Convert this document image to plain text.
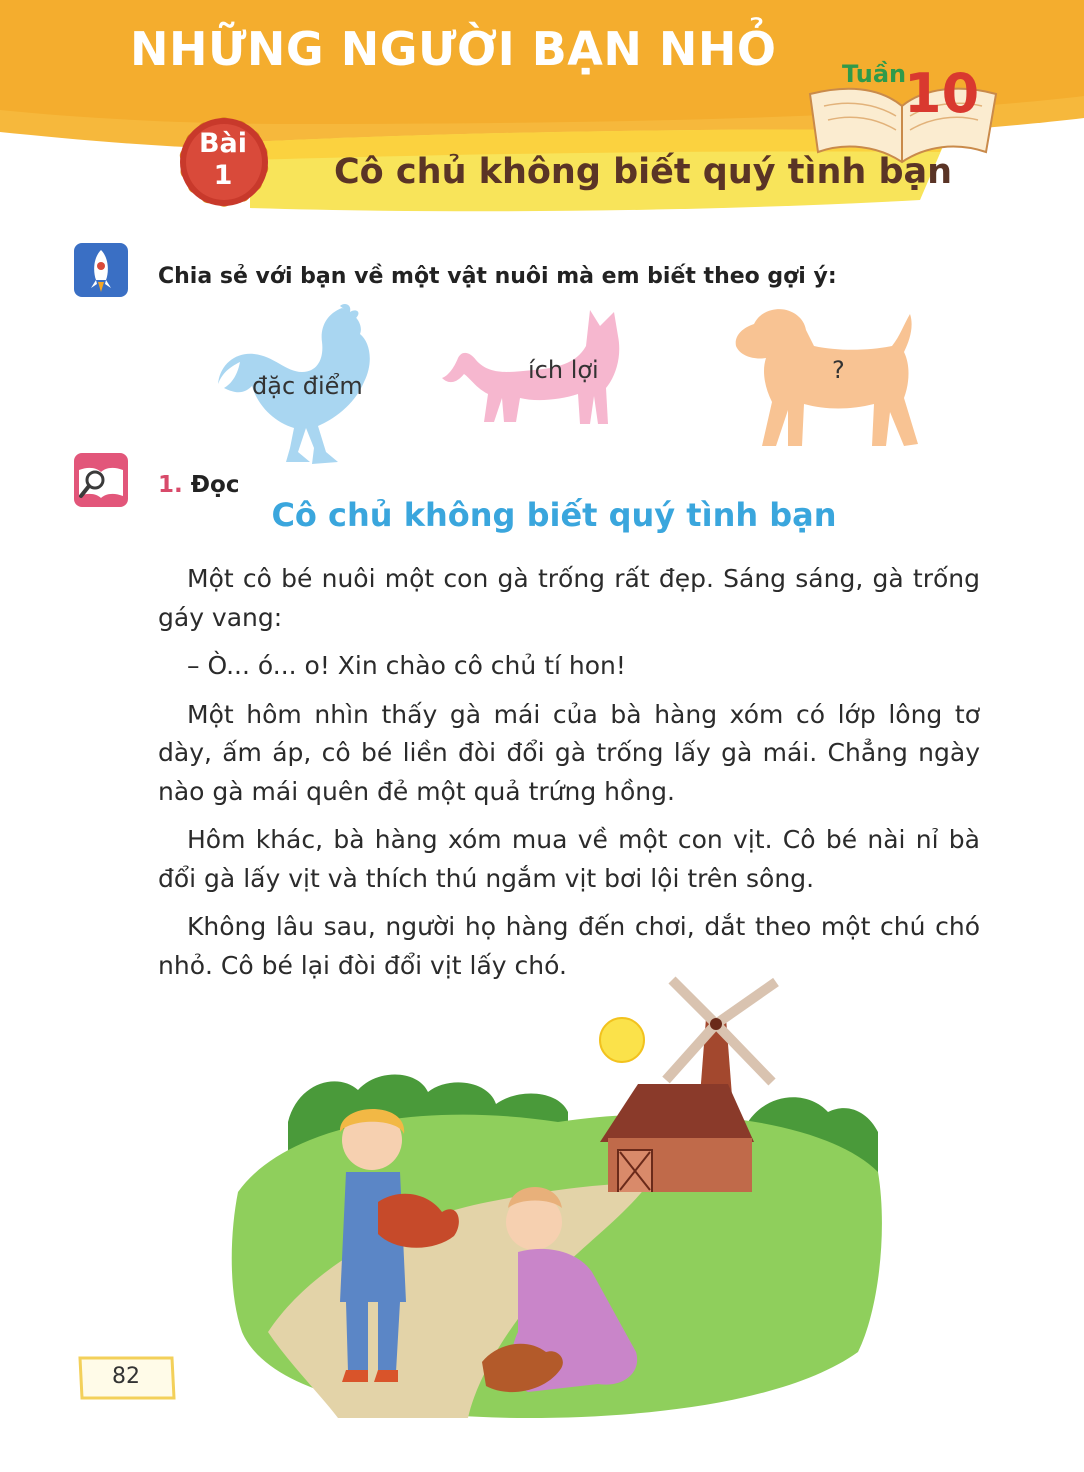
Bài
1
NHỮNG NGƯỜI BẠN NHỎ
Cô chủ không biết quý tình bạn
Tuần
10
Chia sẻ với bạn về một vật nuôi mà em biết theo gợi ý:
đặc điểm
ích lợi	?
1. Đọc
Cô chủ không biết quý tình bạn

Một cô bé nuôi một con gà trống rất đẹp. Sáng sáng, gà trống gáy vang:

– Ò... ó... o! Xin chào cô chủ tí hon!

Một hôm nhìn thấy gà mái của bà hàng xóm có lớp lông tơ dày, ấm áp, cô bé liền đòi đổi gà trống lấy gà mái. Chẳng ngày nào gà mái quên đẻ một quả trứng hồng.

Hôm khác, bà hàng xóm mua về một con vịt. Cô bé nài nỉ bà đổi gà lấy vịt và thích thú ngắm vịt bơi lội trên sông.

Không lâu sau, người họ hàng đến chơi, dắt theo một chú chó nhỏ. Cô bé lại đòi đổi vịt lấy chó.

82
